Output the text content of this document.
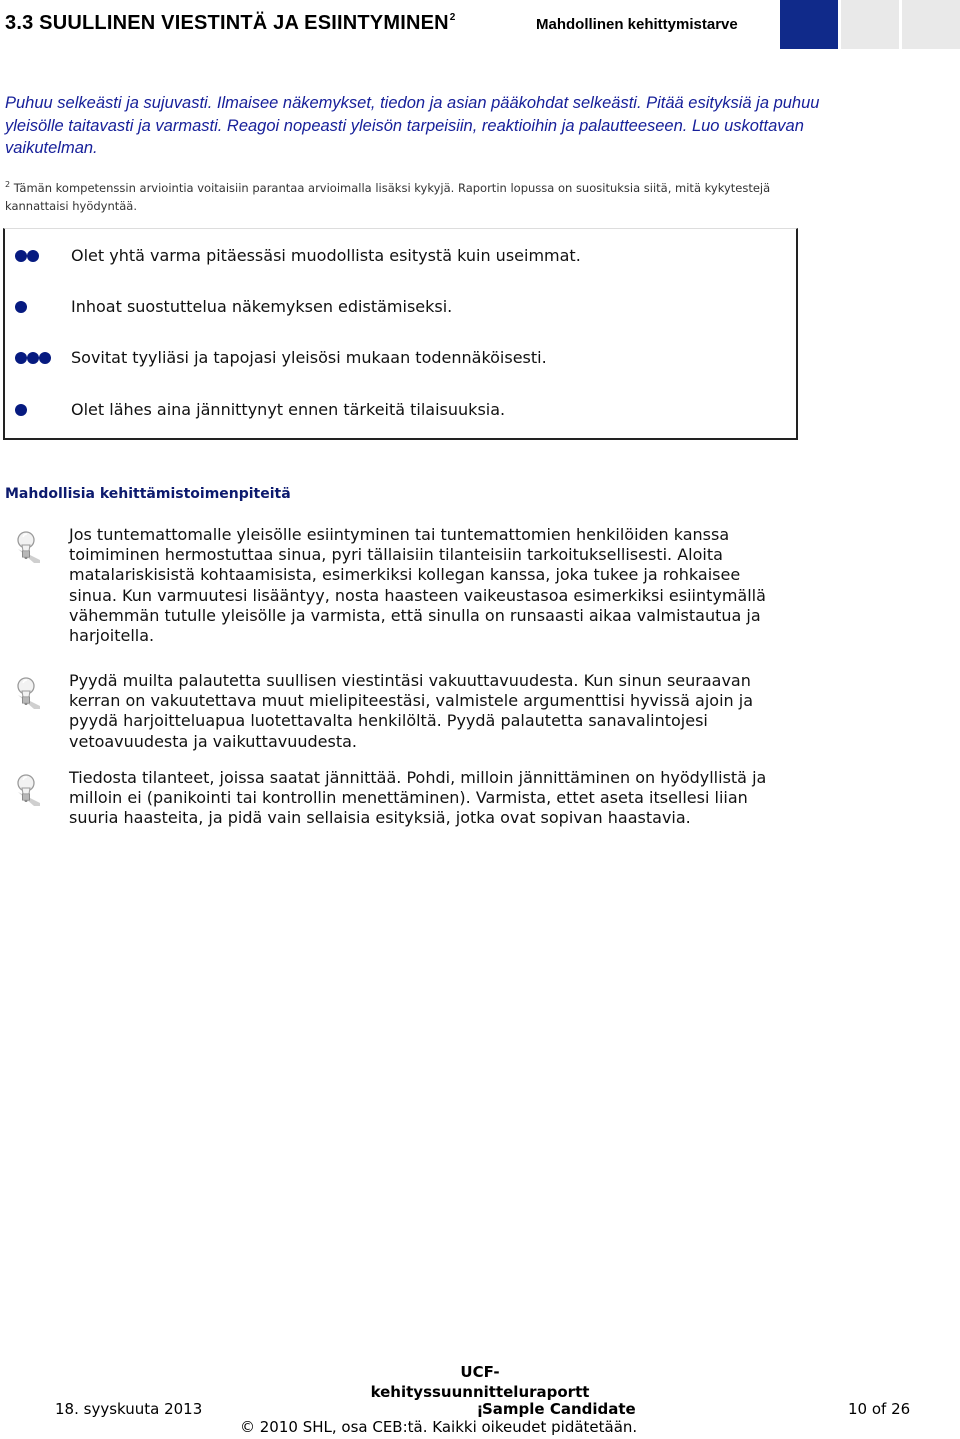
3.3 SUULLINEN VIESTINTÄ JA ESIINTYMINEN$^2$	Mahdollinen kehittymistarve
Puhuu selkeästi ja sujuvasti. Ilmaisee näkemykset, tiedon ja asian pääkohdat selkeästi. Pitää esityksiä ja puhuu yleisölle taitavasti ja varmasti. Reagoi nopeasti yleisön tarpeisiin, reaktioihin ja palautteeseen. Luo uskottavan vaikutelman.
$^2$ Tämän kompetenssin arviointia voitaisiin parantaa arvioimalla lisäksi kykyjä. Raportin lopussa on suosituksia siitä, mitä kykytestejä kannattaisi hyödyntää.
Olet yhtä varma pitäessäsi muodollista esitystä kuin useimmat.
Inhoat suostuttelua näkemyksen edistämiseksi.
Sovitat tyyliäsi ja tapojasi yleisösi mukaan todennäköisesti.
Olet lähes aina jännittynyt ennen tärkeitä tilaisuuksia.
Mahdollisia kehittämistoimenpiteitä
Jos tuntemattomalle yleisölle esiintyminen tai tuntemattomien henkilöiden kanssa toimiminen hermostuttaa sinua, pyri tällaisiin tilanteisiin tarkoituksellisesti. Aloita matalariskisistä kohtaamisista, esimerkiksi kollegan kanssa, joka tukee ja rohkaisee sinua. Kun varmuutesi lisääntyy, nosta haasteen vaikeustasoa esimerkiksi esiintymällä vähemmän tutulle yleisölle ja varmista, että sinulla on runsaasti aikaa valmistautua ja harjoitella.
Pyydä muilta palautetta suullisen viestintäsi vakuuttavuudesta. Kun sinun seuraavan kerran on vakuutettava muut mielipiteestäsi, valmistele argumenttisi hyvissä ajoin ja pyydä harjoitteluapua luotettavalta henkilöltä. Pyydä palautetta sanavalintojesi vetoavuudesta ja vaikuttavuudesta.
Tiedosta tilanteet, joissa saatat jännittää. Pohdi, milloin jännittäminen on hyödyllistä ja milloin ei (panikointi tai kontrollin menettäminen). Varmista, ettet aseta itsellesi liian suuria haasteita, ja pidä vain sellaisia esityksiä, jotka ovat sopivan haastavia.
18. syyskuuta 2013
UCF-
kehityssuunnitteluraportt
i Sample Candidate	10 of 26
© 2010 SHL, osa CEB:tä. Kaikki oikeudet pidätetään.
